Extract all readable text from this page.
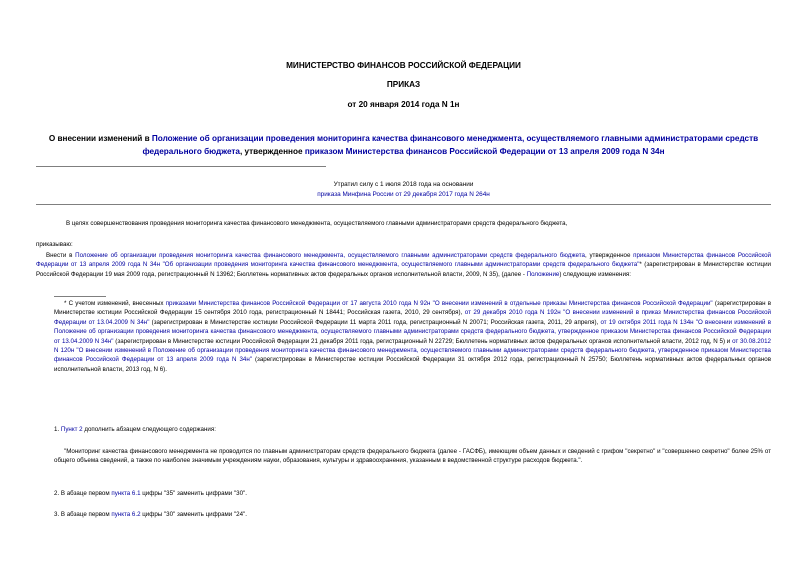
МИНИСТЕРСТВО ФИНАНСОВ РОССИЙСКОЙ ФЕДЕРАЦИИ

ПРИКАЗ

от 20 января 2014 года N 1н

О внесении изменений в Положение об организации проведения мониторинга качества финансового менеджмента, осуществляемого главными администраторами средств федерального бюджета, утвержденное приказом Министерства финансов Российской Федерации от 13 апреля 2009 года N 34н
Утратил силу с 1 июля 2018 года на основании
приказа Минфина России от 29 декабря 2017 года N 264н

В целях совершенствования проведения мониторинга качества финансового менеджмента, осуществляемого главными администраторами средств федерального бюджета,

приказываю:

Внести в Положение об организации проведения мониторинга качества финансового менеджмента, осуществляемого главными администраторами средств федерального бюджета, утвержденное приказом Министерства финансов Российской Федерации от 13 апреля 2009 года N 34н "Об организации проведения мониторинга качества финансового менеджмента, осуществляемого главными администраторами средств федерального бюджета"* (зарегистрирован в Министерстве юстиции Российской Федерации 19 мая 2009 года, регистрационный N 13962; Бюллетень нормативных актов федеральных органов исполнительной власти, 2009, N 35), (далее - Положение) следующие изменения:

* С учетом изменений, внесенных приказами Министерства финансов Российской Федерации от 17 августа 2010 года N 92н "О внесении изменений в отдельные приказы Министерства финансов Российской Федерации" (зарегистрирован в Министерстве юстиции Российской Федерации 15 сентября 2010 года, регистрационный N 18441; Российская газета, 2010, 29 сентября), от 29 декабря 2010 года N 192н "О внесении изменений в приказ Министерства финансов Российской Федерации от 13.04.2009 N 34н" (зарегистрирован в Министерстве юстиции Российской Федерации 11 марта 2011 года, регистрационный N 20071; Российская газета, 2011, 29 апреля), от 19 октября 2011 года N 134н "О внесении изменений в Положение об организации проведения мониторинга качества финансового менеджмента, осуществляемого главными администраторами средств федерального бюджета, утвержденное приказом Министерства финансов Российской Федерации от 13.04.2009 N 34н" (зарегистрирован в Министерстве юстиции Российской Федерации 21 декабря 2011 года, регистрационный N 22729; Бюллетень нормативных актов федеральных органов исполнительной власти, 2012 год, N 5) и от 30.08.2012 N 120н "О внесении изменений в Положение об организации проведения мониторинга качества финансового менеджмента, осуществляемого главными администраторами средств федерального бюджета, утвержденное приказом Министерства финансов Российской Федерации от 13 апреля 2009 года N 34н" (зарегистрирован в Министерстве юстиции Российской Федерации 31 октября 2012 года, регистрационный N 25750; Бюллетень нормативных актов федеральных органов исполнительной власти, 2013 год, N 6).

1. Пункт 2 дополнить абзацем следующего содержания:

"Мониторинг качества финансового менеджмента не проводится по главным администраторам средств федерального бюджета (далее - ГАСФБ), имеющим объем данных и сведений с грифом "секретно" и "совершенно секретно" более 25% от общего объема сведений, а также по наиболее значимым учреждениям науки, образования, культуры и здравоохранения, указанным в ведомственной структуре расходов бюджета.".

2. В абзаце первом пункта 6.1 цифры "35" заменить цифрами "30".

3. В абзаце первом пункта 6.2 цифры "30" заменить цифрами "24".
